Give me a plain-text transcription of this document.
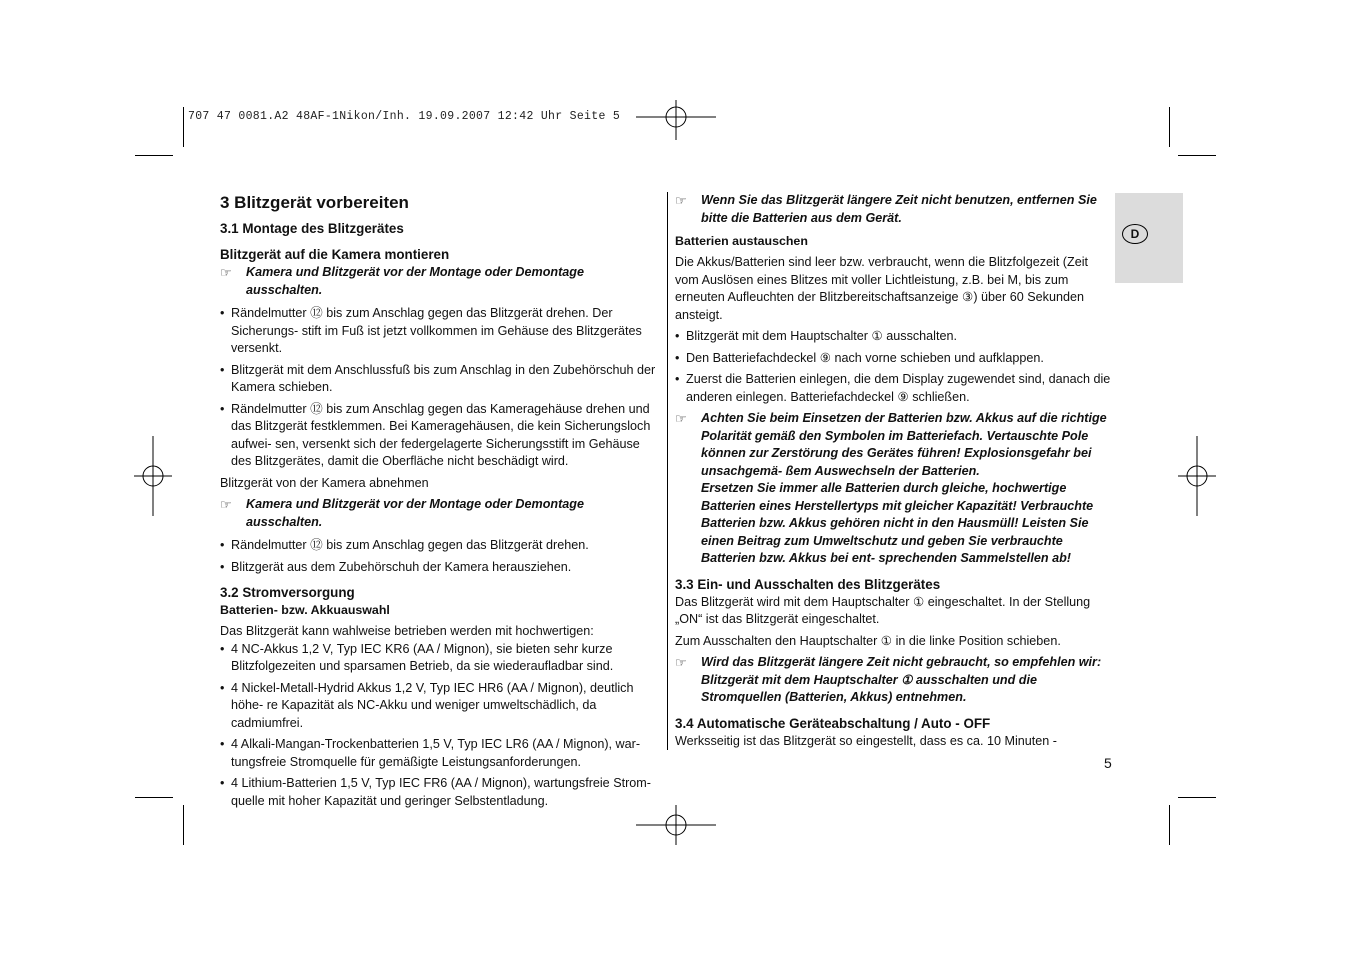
707 47 0081.A2 48AF-1Nikon/Inh. 19.09.2007 12:42 Uhr Seite 5
D
3 Blitzgerät vorbereiten
3.1 Montage des Blitzgerätes
Blitzgerät auf die Kamera montieren
☞	Kamera und Blitzgerät vor der Montage oder Demontage ausschalten.
• Rändelmutter ⑫ bis zum Anschlag gegen das Blitzgerät drehen. Der Sicherungs- stift im Fuß ist jetzt vollkommen im Gehäuse des Blitzgerätes versenkt.
• Blitzgerät mit dem Anschlussfuß bis zum Anschlag in den Zubehörschuh der Kamera schieben.
• Rändelmutter ⑫ bis zum Anschlag gegen das Kameragehäuse drehen und das Blitzgerät festklemmen. Bei Kameragehäusen, die kein Sicherungsloch aufwei- sen, versenkt sich der federgelagerte Sicherungsstift im Gehäuse des Blitzgerätes, damit die Oberfläche nicht beschädigt wird.
Blitzgerät von der Kamera abnehmen
☞	Kamera und Blitzgerät vor der Montage oder Demontage ausschalten.
• Rändelmutter ⑫ bis zum Anschlag gegen das Blitzgerät drehen.
• Blitzgerät aus dem Zubehörschuh der Kamera herausziehen.
3.2 Stromversorgung
Batterien- bzw. Akkuauswahl
Das Blitzgerät kann wahlweise betrieben werden mit hochwertigen:
• 4 NC-Akkus 1,2 V, Typ IEC KR6 (AA / Mignon), sie bieten sehr kurze Blitzfolgezeiten und sparsamen Betrieb, da sie wiederaufladbar sind.
• 4 Nickel-Metall-Hydrid Akkus 1,2 V, Typ IEC HR6 (AA / Mignon), deutlich höhe- re Kapazität als NC-Akku und weniger umweltschädlich, da cadmiumfrei.
• 4 Alkali-Mangan-Trockenbatterien 1,5 V, Typ IEC LR6 (AA / Mignon), war- tungsfreie Stromquelle für gemäßigte Leistungsanforderungen.
• 4 Lithium-Batterien 1,5 V, Typ IEC FR6 (AA / Mignon), wartungsfreie Strom- quelle mit hoher Kapazität und geringer Selbstentladung.
☞	Wenn Sie das Blitzgerät längere Zeit nicht benutzen, entfernen Sie bitte die Batterien aus dem Gerät.
Batterien austauschen
Die Akkus/Batterien sind leer bzw. verbraucht, wenn die Blitzfolgezeit (Zeit vom Auslösen eines Blitzes mit voller Lichtleistung, z.B. bei M, bis zum erneuten Aufleuchten der Blitzbereitschaftsanzeige ③) über 60 Sekunden ansteigt.
• Blitzgerät mit dem Hauptschalter ① ausschalten.
• Den Batteriefachdeckel ⑨ nach vorne schieben und aufklappen.
• Zuerst die Batterien einlegen, die dem Display zugewendet sind, danach die anderen einlegen. Batteriefachdeckel ⑨ schließen.
☞	Achten Sie beim Einsetzen der Batterien bzw. Akkus auf die richtige Polarität gemäß den Symbolen im Batteriefach. Vertauschte Pole können zur Zerstörung des Gerätes führen! Explosionsgefahr bei unsachgemä- ßem Auswechseln der Batterien.
Ersetzen Sie immer alle Batterien durch gleiche, hochwertige Batterien eines Herstellertyps mit gleicher Kapazität! Verbrauchte Batterien bzw. Akkus gehören nicht in den Hausmüll! Leisten Sie einen Beitrag zum Umweltschutz und geben Sie verbrauchte Batterien bzw. Akkus bei ent- sprechenden Sammelstellen ab!
3.3 Ein- und Ausschalten des Blitzgerätes
Das Blitzgerät wird mit dem Hauptschalter ① eingeschaltet. In der Stellung „ON“ ist das Blitzgerät eingeschaltet.
Zum Ausschalten den Hauptschalter ① in die linke Position schieben.
☞	Wird das Blitzgerät längere Zeit nicht gebraucht, so empfehlen wir: Blitzgerät mit dem Hauptschalter ① ausschalten und die Stromquellen (Batterien, Akkus) entnehmen.
3.4 Automatische Geräteabschaltung / Auto - OFF
Werksseitig ist das Blitzgerät so eingestellt, dass es ca. 10 Minuten -
5
